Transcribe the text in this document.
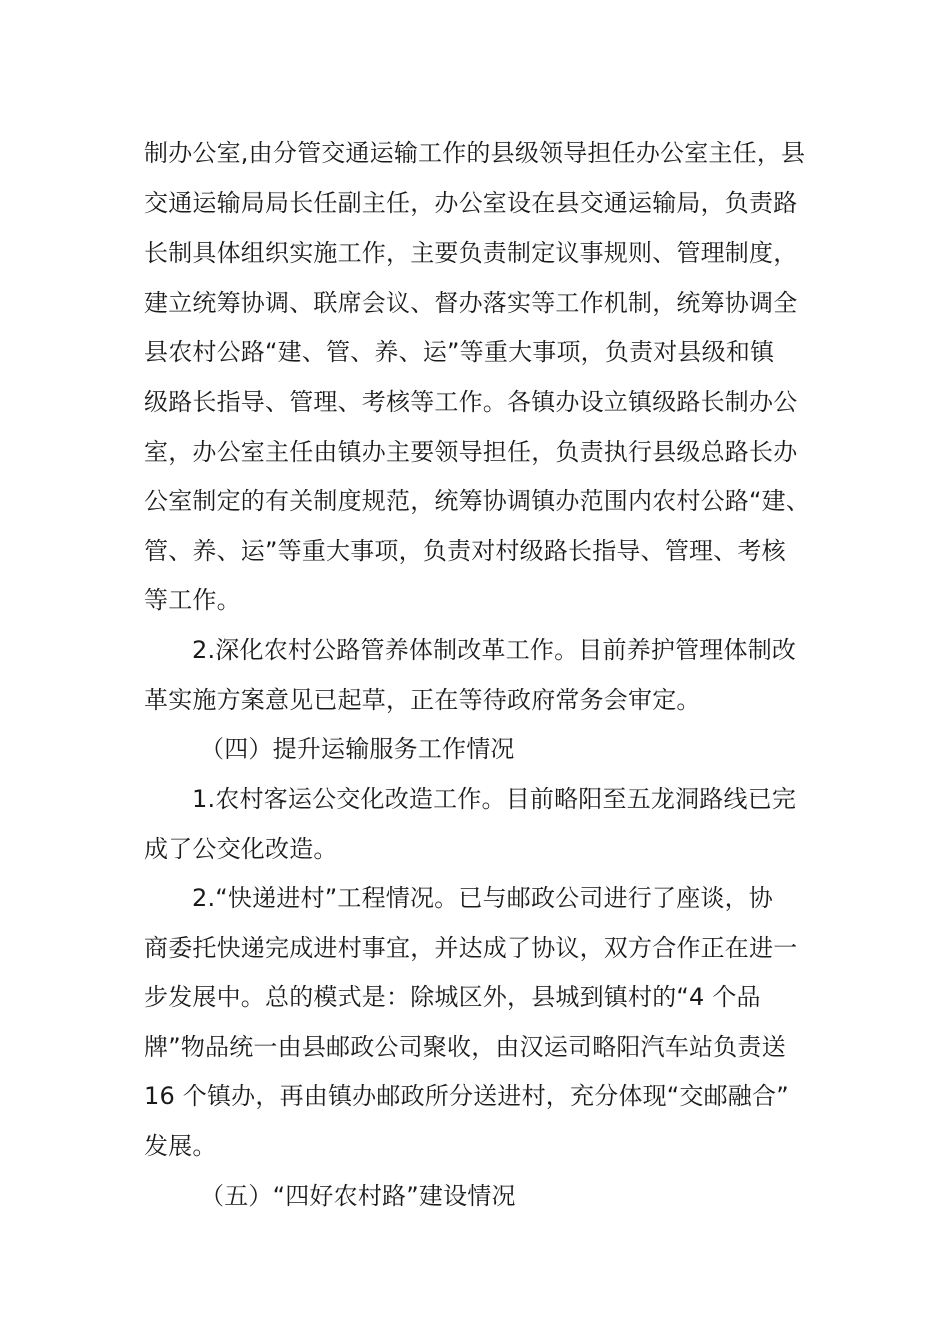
制办公室,由分管交通运输工作的县级领导担任办公室主任，县
交通运输局局长任副主任，办公室设在县交通运输局，负责路
长制具体组织实施工作，主要负责制定议事规则、管理制度，
建立统筹协调、联席会议、督办落实等工作机制，统筹协调全
县农村公路“建、管、养、运”等重大事项，负责对县级和镇
级路长指导、管理、考核等工作。各镇办设立镇级路长制办公
室，办公室主任由镇办主要领导担任，负责执行县级总路长办
公室制定的有关制度规范，统筹协调镇办范围内农村公路“建、
管、养、运”等重大事项，负责对村级路长指导、管理、考核
等工作。
2.深化农村公路管养体制改革工作。目前养护管理体制改
革实施方案意见已起草，正在等待政府常务会审定。
（四）提升运输服务工作情况
1.农村客运公交化改造工作。目前略阳至五龙洞路线已完
成了公交化改造。
2.“快递进村”工程情况。已与邮政公司进行了座谈，协
商委托快递完成进村事宜，并达成了协议，双方合作正在进一
步发展中。总的模式是：除城区外，县城到镇村的“4 个品
牌”物品统一由县邮政公司聚收，由汉运司略阳汽车站负责送
16 个镇办，再由镇办邮政所分送进村，充分体现“交邮融合”
发展。
（五）“四好农村路”建设情况
